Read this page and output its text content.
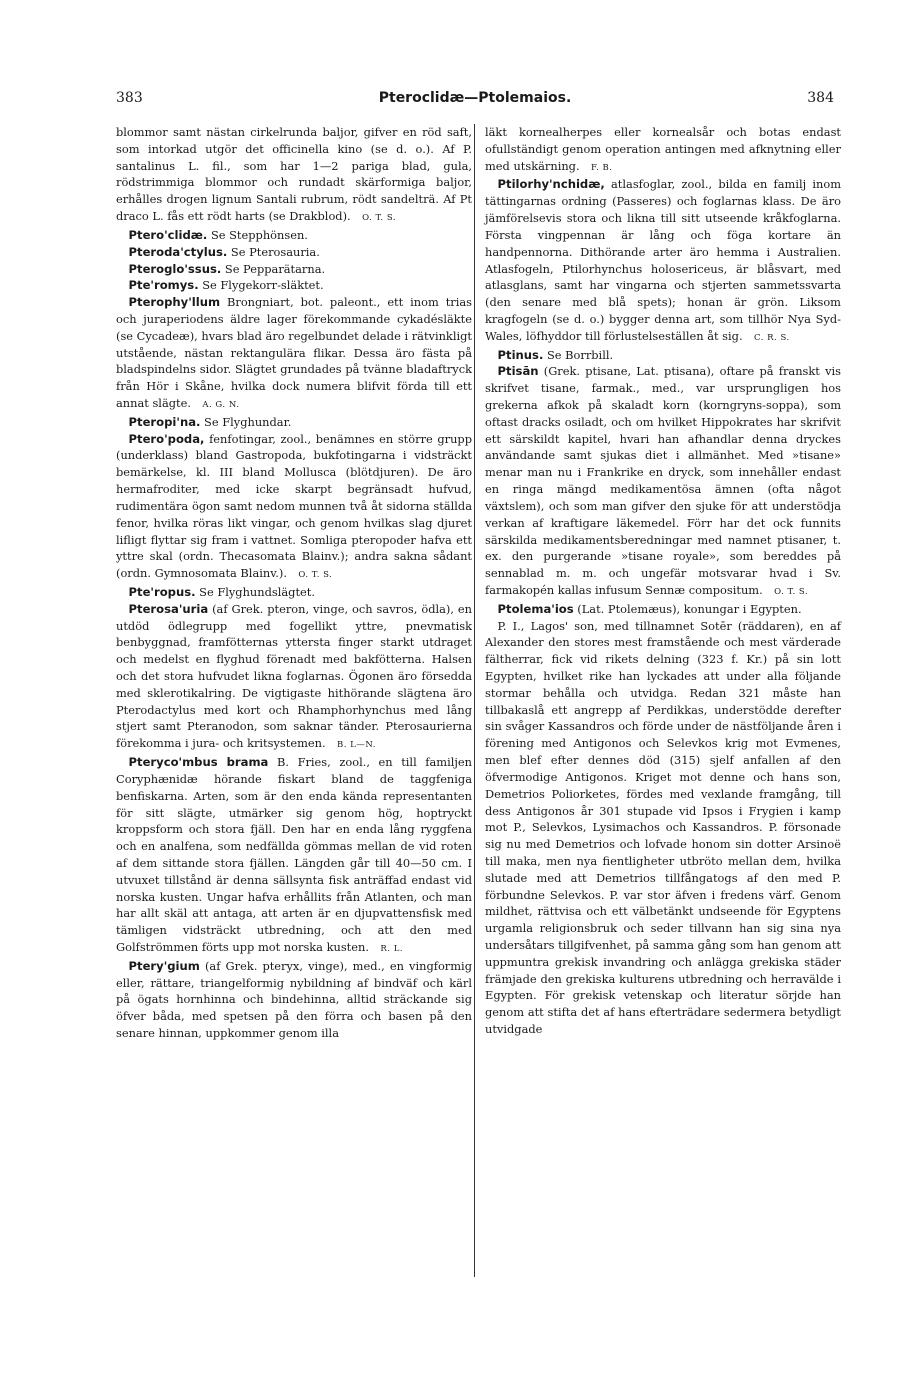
383	Pteroclidæ—Ptolemaios.	384

blommor samt nästan cirkelrunda baljor, gifver en röd saft, som intorkad utgör det officinella kino (se d. o.). Af P. santalinus L. fil., som har 1—2 pariga blad, gula, rödstrimmiga blommor och rundadt skärformiga baljor, erhålles drogen lignum Santali rubrum, rödt sandelträ. Af Pt draco L. fås ett rödt harts (se Drakblod).  O. T. S.

Ptero'clidæ. Se Stepphönsen.

Pteroda'ctylus. Se Pterosauria.

Pteroglo'ssus. Se Pepparätarna.

Pte'romys. Se Flygekorr-släktet.

Pterophy'llum Brongniart, bot. paleont., ett inom trias och juraperiodens äldre lager förekommande cykadésläkte (se Cycadeæ), hvars blad äro regelbundet delade i rätvinkligt utstående, nästan rektangulära flikar. Dessa äro fästa på bladspindelns sidor. Slägtet grundades på tvänne bladaftryck från Hör i Skåne, hvilka dock numera blifvit förda till ett annat slägte.  A. G. N.

Pteropi'na. Se Flyghundar.

Ptero'poda, fenfotingar, zool., benämnes en större grupp (underklass) bland Gastropoda, bukfotingarna i vidsträckt bemärkelse, kl. III bland Mollusca (blötdjuren). De äro hermafroditer, med icke skarpt begränsadt hufvud, rudimentära ögon samt nedom munnen två åt sidorna ställda fenor, hvilka röras likt vingar, och genom hvilkas slag djuret lifligt flyttar sig fram i vattnet. Somliga pteropoder hafva ett yttre skal (ordn. Thecasomata Blainv.); andra sakna sådant (ordn. Gymnosomata Blainv.).  O. T. S.

Pte'ropus. Se Flyghundslägtet.

Pterosa'uria (af Grek. pteron, vinge, och savros, ödla), en utdöd ödlegrupp med fogellikt yttre, pnevmatisk benbyggnad, framfötternas yttersta finger starkt utdraget och medelst en flyghud förenadt med bakfötterna. Halsen och det stora hufvudet likna foglarnas. Ögonen äro försedda med sklerotikalring. De vigtigaste hithörande slägtena äro Pterodactylus med kort och Rhamphorhynchus med lång stjert samt Pteranodon, som saknar tänder. Pterosaurierna förekomma i jura- och kritsystemen.  B. L—N.

Pteryco'mbus brama B. Fries, zool., en till familjen Coryphænidæ hörande fiskart bland de taggfeniga benfiskarna. Arten, som är den enda kända representanten för sitt slägte, utmärker sig genom hög, hoptryckt kroppsform och stora fjäll. Den har en enda lång ryggfena och en analfena, som nedfällda gömmas mellan de vid roten af dem sittande stora fjällen. Längden går till 40—50 cm. I utvuxet tillstånd är denna sällsynta fisk anträffad endast vid norska kusten. Ungar hafva erhållits från Atlanten, och man har allt skäl att antaga, att arten är en djupvattensfisk med tämligen vidsträckt utbredning, och att den med Golfströmmen förts upp mot norska kusten.  R. L.

Ptery'gium (af Grek. pteryx, vinge), med., en vingformig eller, rättare, triangelformig nybildning af bindväf och kärl på ögats hornhinna och bindehinna, alltid sträckande sig öfver båda, med spetsen på den förra och basen på den senare hinnan, uppkommer genom illa

läkt kornealherpes eller kornealsår och botas endast ofullständigt genom operation antingen med afknytning eller med utskärning.  F. B.

Ptilorhy'nchidæ, atlasfoglar, zool., bilda en familj inom tättingarnas ordning (Passeres) och foglarnas klass. De äro jämförelsevis stora och likna till sitt utseende kråkfoglarna. Första vingpennan är lång och föga kortare än handpennorna. Dithörande arter äro hemma i Australien. Atlasfogeln, Ptilorhynchus holosericeus, är blåsvart, med atlasglans, samt har vingarna och stjerten sammetssvarta (den senare med blå spets); honan är grön. Liksom kragfogeln (se d. o.) bygger denna art, som tillhör Nya Syd-Wales, löfhyddor till förlustelseställen åt sig.  C. R. S.

Ptinus. Se Borrbill.

Ptisān (Grek. ptisane, Lat. ptisana), oftare på franskt vis skrifvet tisane, farmak., med., var ursprungligen hos grekerna afkok på skaladt korn (korngryns-soppa), som oftast dracks osiladt, och om hvilket Hippokrates har skrifvit ett särskildt kapitel, hvari han afhandlar denna dryckes användande samt sjukas diet i allmänhet. Med »tisane» menar man nu i Frankrike en dryck, som innehåller endast en ringa mängd medikamentösa ämnen (ofta något växtslem), och som man gifver den sjuke för att understödja verkan af kraftigare läkemedel. Förr har det ock funnits särskilda medikamentsberedningar med namnet ptisaner, t. ex. den purgerande »tisane royale», som bereddes på sennablad m. m. och ungefär motsvarar hvad i Sv. farmakopén kallas infusum Sennæ compositum.  O. T. S.

Ptolema'ios (Lat. Ptolemæus), konungar i Egypten.

P. I., Lagos' son, med tillnamnet Sotēr (räddaren), en af Alexander den stores mest framstående och mest värderade fältherrar, fick vid rikets delning (323 f. Kr.) på sin lott Egypten, hvilket rike han lyckades att under alla följande stormar behålla och utvidga. Redan 321 måste han tillbakaslå ett angrepp af Perdikkas, understödde derefter sin svåger Kassandros och förde under de nästföljande åren i förening med Antigonos och Selevkos krig mot Evmenes, men blef efter dennes död (315) sjelf anfallen af den öfvermodige Antigonos. Kriget mot denne och hans son, Demetrios Poliorketes, fördes med vexlande framgång, till dess Antigonos år 301 stupade vid Ipsos i Frygien i kamp mot P., Selevkos, Lysimachos och Kassandros. P. försonade sig nu med Demetrios och lofvade honom sin dotter Arsinoë till maka, men nya fientligheter utbröto mellan dem, hvilka slutade med att Demetrios tillfångatogs af den med P. förbundne Selevkos. P. var stor äfven i fredens värf. Genom mildhet, rättvisa och ett välbetänkt undseende för Egyptens urgamla religionsbruk och seder tillvann han sig sina nya undersåtars tillgifvenhet, på samma gång som han genom att uppmuntra grekisk invandring och anlägga grekiska städer främjade den grekiska kulturens utbredning och herravälde i Egypten. För grekisk vetenskap och literatur sörjde han genom att stifta det af hans efterträdare sedermera betydligt utvidgade
